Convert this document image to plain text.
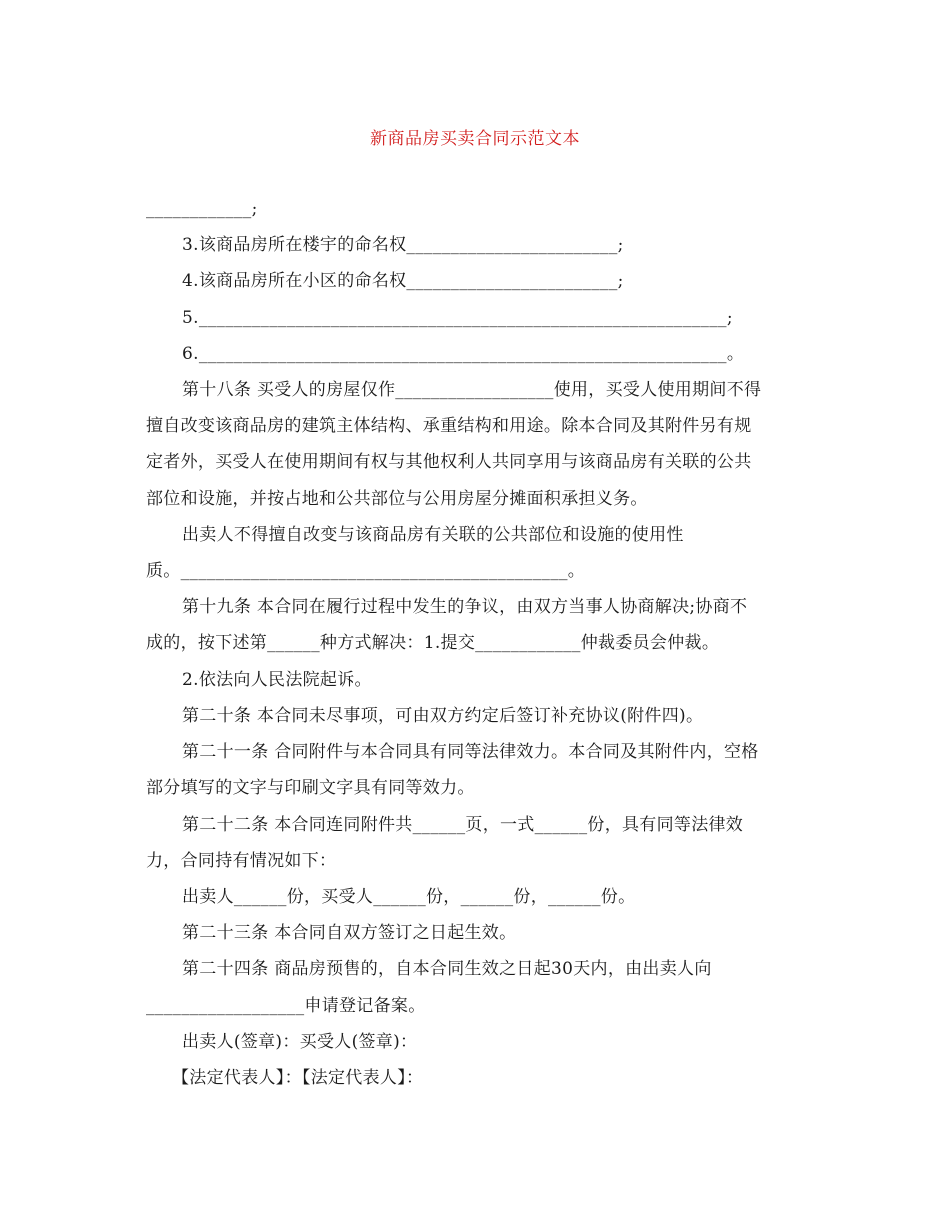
新商品房买卖合同示范文本
____________;
3.该商品房所在楼宇的命名权________________________;
4.该商品房所在小区的命名权________________________;
5.____________________________________________________________;
6.____________________________________________________________。
第十八条 买受人的房屋仅作__________________使用，买受人使用期间不得
擅自改变该商品房的建筑主体结构、承重结构和用途。除本合同及其附件另有规
定者外，买受人在使用期间有权与其他权利人共同享用与该商品房有关联的公共
部位和设施，并按占地和公共部位与公用房屋分摊面积承担义务。
出卖人不得擅自改变与该商品房有关联的公共部位和设施的使用性
质。____________________________________________。
第十九条 本合同在履行过程中发生的争议，由双方当事人协商解决;协商不
成的，按下述第______种方式解决：1.提交____________仲裁委员会仲裁。
2.依法向人民法院起诉。
第二十条 本合同未尽事项，可由双方约定后签订补充协议(附件四)。
第二十一条 合同附件与本合同具有同等法律效力。本合同及其附件内，空格
部分填写的文字与印刷文字具有同等效力。
第二十二条 本合同连同附件共______页，一式______份，具有同等法律效
力，合同持有情况如下：
出卖人______份，买受人______份，______份，______份。
第二十三条 本合同自双方签订之日起生效。
第二十四条 商品房预售的，自本合同生效之日起30天内，由出卖人向
__________________申请登记备案。
出卖人(签章)：买受人(签章)：
【法定代表人】：【法定代表人】：
